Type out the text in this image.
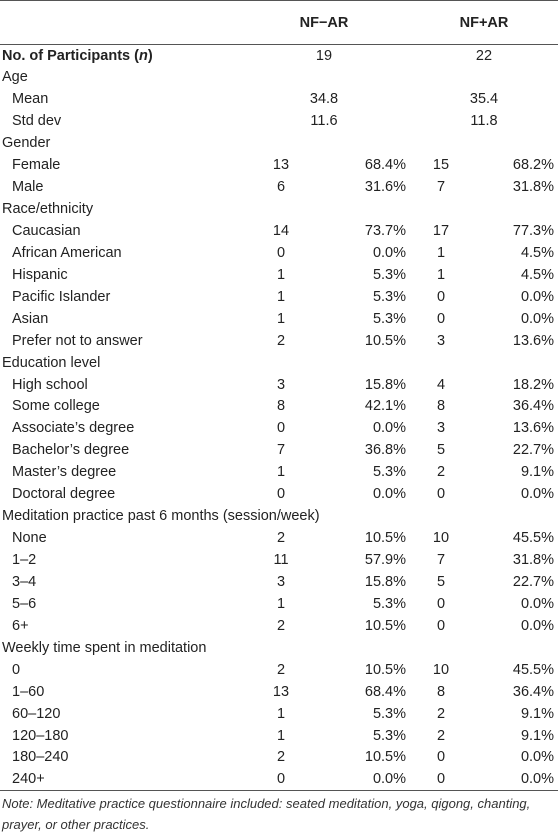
	NF−AR		NF+AR	
No. of Participants (n)	19		22	
Age				
Mean	34.8		35.4	
Std dev	11.6		11.8	
Gender				
Female	13	68.4%	15	68.2%
Male	6	31.6%	7	31.8%
Race/ethnicity				
Caucasian	14	73.7%	17	77.3%
African American	0	0.0%	1	4.5%
Hispanic	1	5.3%	1	4.5%
Pacific Islander	1	5.3%	0	0.0%
Asian	1	5.3%	0	0.0%
Prefer not to answer	2	10.5%	3	13.6%
Education level				
High school	3	15.8%	4	18.2%
Some college	8	42.1%	8	36.4%
Associate’s degree	0	0.0%	3	13.6%
Bachelor’s degree	7	36.8%	5	22.7%
Master’s degree	1	5.3%	2	9.1%
Doctoral degree	0	0.0%	0	0.0%
Meditation practice past 6 months (session/week)				
None	2	10.5%	10	45.5%
1–2	11	57.9%	7	31.8%
3–4	3	15.8%	5	22.7%
5–6	1	5.3%	0	0.0%
6+	2	10.5%	0	0.0%
Weekly time spent in meditation				
0	2	10.5%	10	45.5%
1–60	13	68.4%	8	36.4%
60–120	1	5.3%	2	9.1%
120–180	1	5.3%	2	9.1%
180–240	2	10.5%	0	0.0%
240+	0	0.0%	0	0.0%
Note: Meditative practice questionnaire included: seated meditation, yoga, qigong, chanting, prayer, or other practices.
